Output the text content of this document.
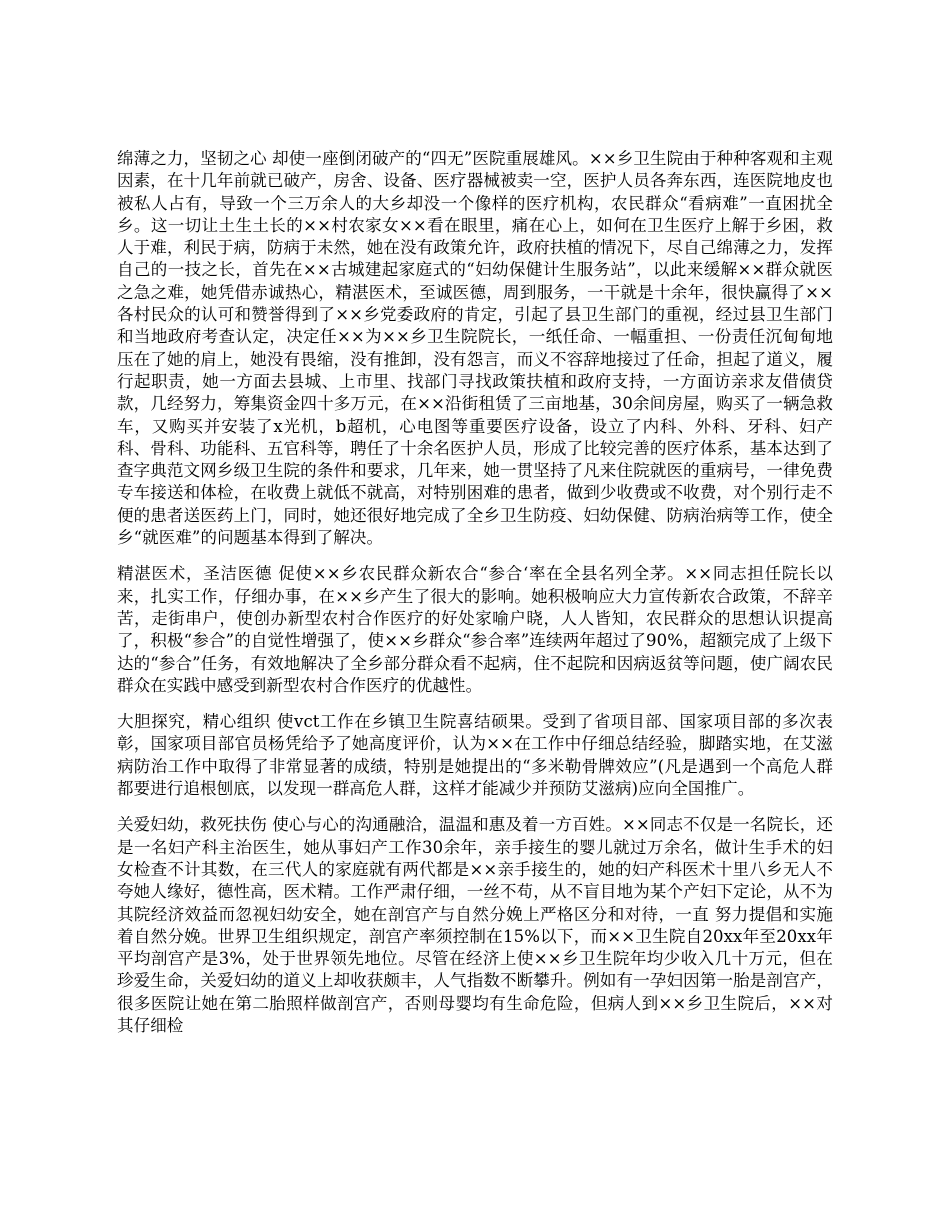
绵薄之力，坚韧之心 却使一座倒闭破产的“四无”医院重展雄风。××乡卫生院由于种种客观和主观因素，在十几年前就已破产，房舍、设备、医疗器械被卖一空，医护人员各奔东西，连医院地皮也被私人占有，导致一个三万余人的大乡却没一个像样的医疗机构，农民群众“看病难”一直困扰全乡。这一切让土生土长的××村农家女××看在眼里，痛在心上，如何在卫生医疗上解于乡困，救 人于难，利民于病，防病于未然，她在没有政策允许，政府扶植的情况下，尽自己绵薄之力，发挥自己的一技之长，首先在××古城建起家庭式的“妇幼保健计生服务站”，以此来缓解××群众就医之急之难，她凭借赤诚热心，精湛医术，至诚医德，周到服务，一干就是十余年，很快赢得了××各村民众的认可和赞誉得到了××乡党委政府的肯定，引起了县卫生部门的重视，经过县卫生部门和当地政府考查认定，决定任××为××乡卫生院院长，一纸任命、一幅重担、一份责任沉甸甸地压在了她的肩上，她没有畏缩，没有推卸，没有怨言，而义不容辞地接过了任命，担起了道义，履行起职责，她一方面去县城、上市里、找部门寻找政策扶植和政府支持，一方面访亲求友借债贷款，几经努力，筹集资金四十多万元，在××沿街租赁了三亩地基，30余间房屋，购买了一辆急救车，又购买并安装了x光机，b超机，心电图等重要医疗设备，设立了内科、外科、牙科、妇产科、骨科、功能科、五官科等，聘任了十余名医护人员，形成了比较完善的医疗体系，基本达到了查字典范文网乡级卫生院的条件和要求，几年来，她一贯坚持了凡来住院就医的重病号，一律免费专车接送和体检，在收费上就低不就高，对特别困难的患者，做到少收费或不收费，对个别行走不便的患者送医药上门，同时，她还很好地完成了全乡卫生防疫、妇幼保健、防病治病等工作，使全乡“就医难”的问题基本得到了解决。

精湛医术，圣洁医德 促使××乡农民群众新农合“参合‘率在全县名列全茅。××同志担任院长以来，扎实工作，仔细办事，在××乡产生了很大的影响。她积极响应大力宣传新农合政策，不辞辛苦，走街串户，使创办新型农村合作医疗的好处家喻户晓，人人皆知，农民群众的思想认识提高了，积极“参合”的自觉性增强了，使××乡群众“参合率”连续两年超过了90%，超额完成了上级下达的“参合”任务，有效地解决了全乡部分群众看不起病，住不起院和因病返贫等问题，使广阔农民群众在实践中感受到新型农村合作医疗的优越性。

大胆探究，精心组织 使vct工作在乡镇卫生院喜结硕果。受到了省项目部、国家项目部的多次表彰，国家项目部官员杨凭给予了她高度评价，认为××在工作中仔细总结经验，脚踏实地，在艾滋病防治工作中取得了非常显著的成绩，特别是她提出的“多米勒骨牌效应”(凡是遇到一个高危人群都要进行追根刨底，以发现一群高危人群，这样才能减少并预防艾滋病)应向全国推广。

关爱妇幼，救死扶伤 使心与心的沟通融洽，温温和惠及着一方百姓。××同志不仅是一名院长，还是一名妇产科主治医生，她从事妇产工作30余年，亲手接生的婴儿就过万余名，做计生手术的妇女检查不计其数，在三代人的家庭就有两代都是××亲手接生的，她的妇产科医术十里八乡无人不夸她人缘好，德性高，医术精。工作严肃仔细，一丝不苟，从不盲目地为某个产妇下定论，从不为其院经济效益而忽视妇幼安全，她在剖宫产与自然分娩上严格区分和对待，一直 努力提倡和实施着自然分娩。世界卫生组织规定，剖宫产率须控制在15%以下，而××卫生院自20xx年至20xx年平均剖宫产是3%，处于世界领先地位。尽管在经济上使××乡卫生院年均少收入几十万元，但在珍爱生命，关爱妇幼的道义上却收获颇丰，人气指数不断攀升。例如有一孕妇因第一胎是剖宫产，很多医院让她在第二胎照样做剖宫产，否则母婴均有生命危险，但病人到××乡卫生院后，××对其仔细检
